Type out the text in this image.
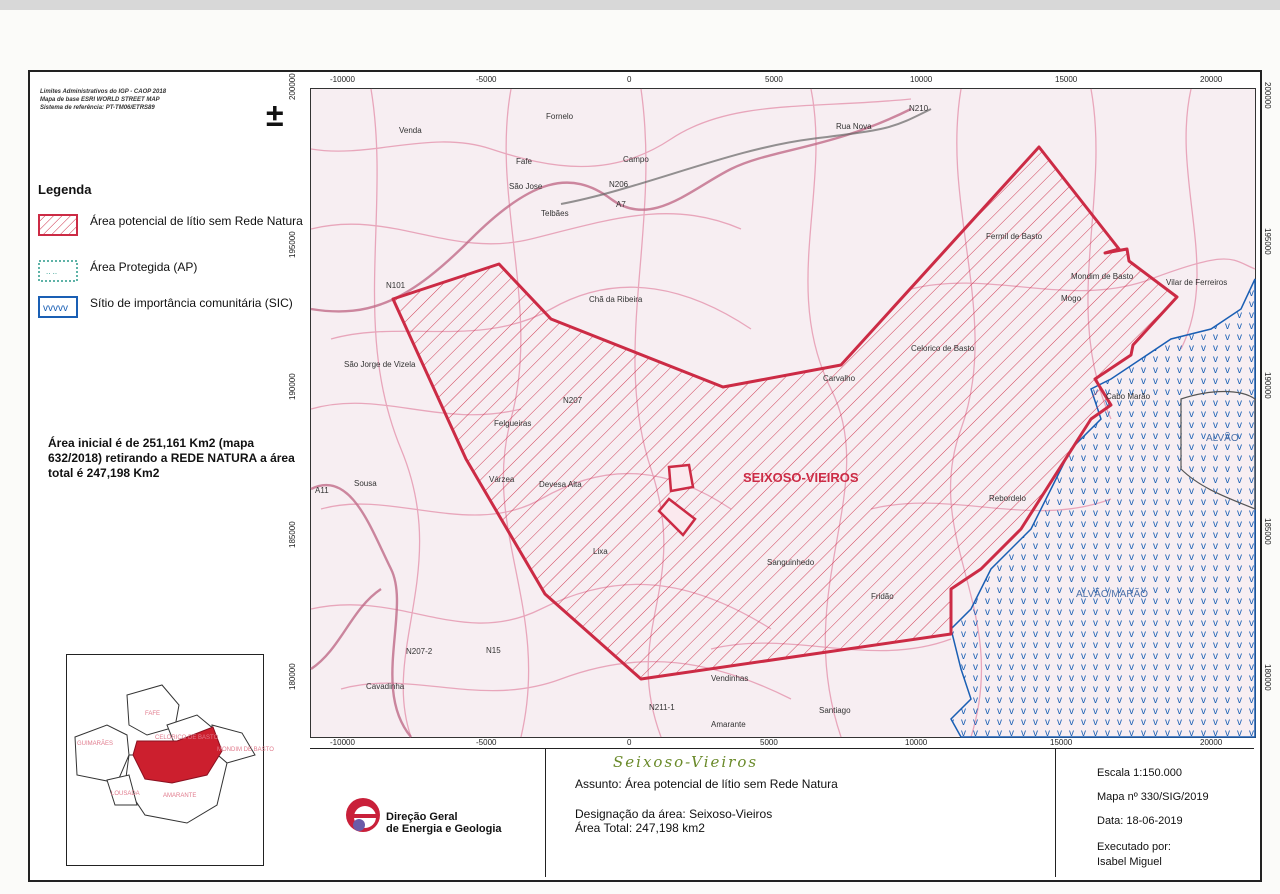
Limites Administrativos do IGP - CAOP 2018
Mapa de base ESRI WORLD STREET MAP
Sistema de referência: PT-TM06/ETRS89	±
Legenda
Área potencial de lítio sem Rede Natura
.. ..	Área Protegida (AP)
vvvvv Sítio de importância comunitária (SIC)
Área inicial é de 251,161 Km2 (mapa 632/2018) retirando a REDE NATURA a área total é 247,198 Km2
-10000	-5000	0	5000	10000	15000	20000
-10000	-5000	0	5000	10000	15000	20000
200000
195000
190000
185000
180000
200000
195000
190000
185000
180000
Venda
Fornelo
Rua Nova
Fafe	Campo
São Jose
Telbães
Fermil de Basto
Mondim de Basto
Vilar de Ferreiros
Mogo
Chã da Ribeira
São Jorge de Vizela
Celorico de Basto
Carvalho
Cabo Marão
ALVÃO
Felgueiras
SEIXOSO-VIEIROS
Sousa	Várzea
Devesa Alta
Lixa
Rebordelo
Sanguinhedo
Fridão	ALVÃO/MARÃO
Cavadinha
Vendinhas
Santiago
Amarante
N101
N206
A7
N207
N210
A11
N15
N211-1
N207-2
GUIMARÃES
FAFE
CELORICO DE BASTO
MONDIM DE BASTO
AMARANTE
LOUSADA
Direção Geral
de Energia e Geologia
Seixoso-Vieiros
Assunto: Área potencial de lítio sem Rede Natura
Designação da área: Seixoso-Vieiros
Área Total: 247,198 km2
Escala 1:150.000
Mapa nº 330/SIG/2019
Data: 18-06-2019
Executado por:
Isabel Miguel
